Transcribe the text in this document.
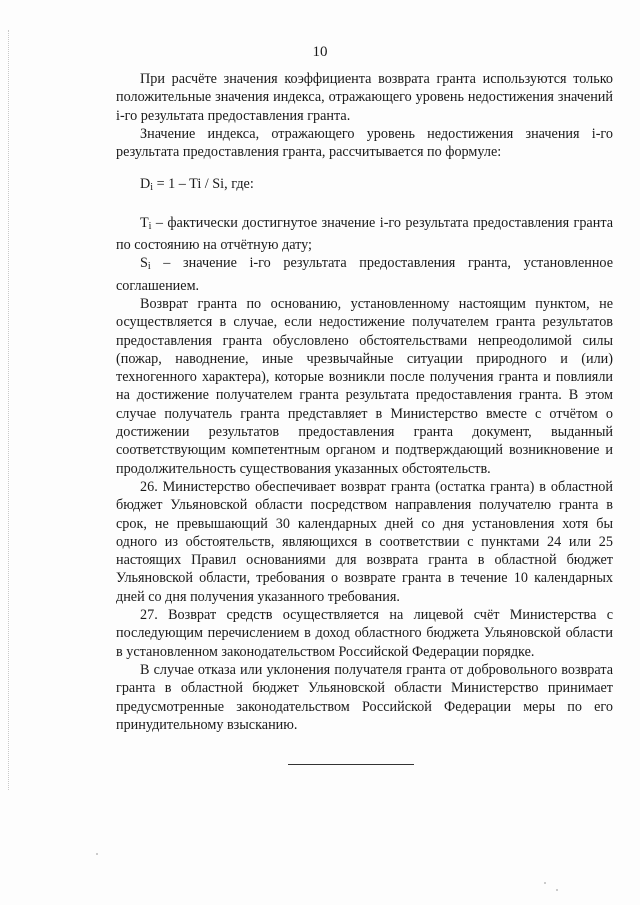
10

При расчёте значения коэффициента возврата гранта используются только положительные значения индекса, отражающего уровень недостижения значений i-го результата предоставления гранта.

Значение индекса, отражающего уровень недостижения значения i-го результата предоставления гранта, рассчитывается по формуле:

$D_i = 1 - Ti / Si$, где:

$T_i$ – фактически достигнутое значение i-го результата предоставления гранта по состоянию на отчётную дату;

$S_i$ – значение i-го результата предоставления гранта, установленное соглашением.

Возврат гранта по основанию, установленному настоящим пунктом, не осуществляется в случае, если недостижение получателем гранта результатов предоставления гранта обусловлено обстоятельствами непреодолимой силы (пожар, наводнение, иные чрезвычайные ситуации природного и (или) техногенного характера), которые возникли после получения гранта и повлияли на достижение получателем гранта результата предоставления гранта. В этом случае получатель гранта представляет в Министерство вместе с отчётом о достижении результатов предоставления гранта документ, выданный соответствующим компетентным органом и подтверждающий возникновение и продолжительность существования указанных обстоятельств.

26. Министерство обеспечивает возврат гранта (остатка гранта) в областной бюджет Ульяновской области посредством направления получателю гранта в срок, не превышающий 30 календарных дней со дня установления хотя бы одного из обстоятельств, являющихся в соответствии с пунктами 24 или 25 настоящих Правил основаниями для возврата гранта в областной бюджет Ульяновской области, требования о возврате гранта в течение 10 календарных дней со дня получения указанного требования.

27. Возврат средств осуществляется на лицевой счёт Министерства с последующим перечислением в доход областного бюджета Ульяновской области в установленном законодательством Российской Федерации порядке.

В случае отказа или уклонения получателя гранта от добровольного возврата гранта в областной бюджет Ульяновской области Министерство принимает предусмотренные законодательством Российской Федерации меры по его принудительному взысканию.
